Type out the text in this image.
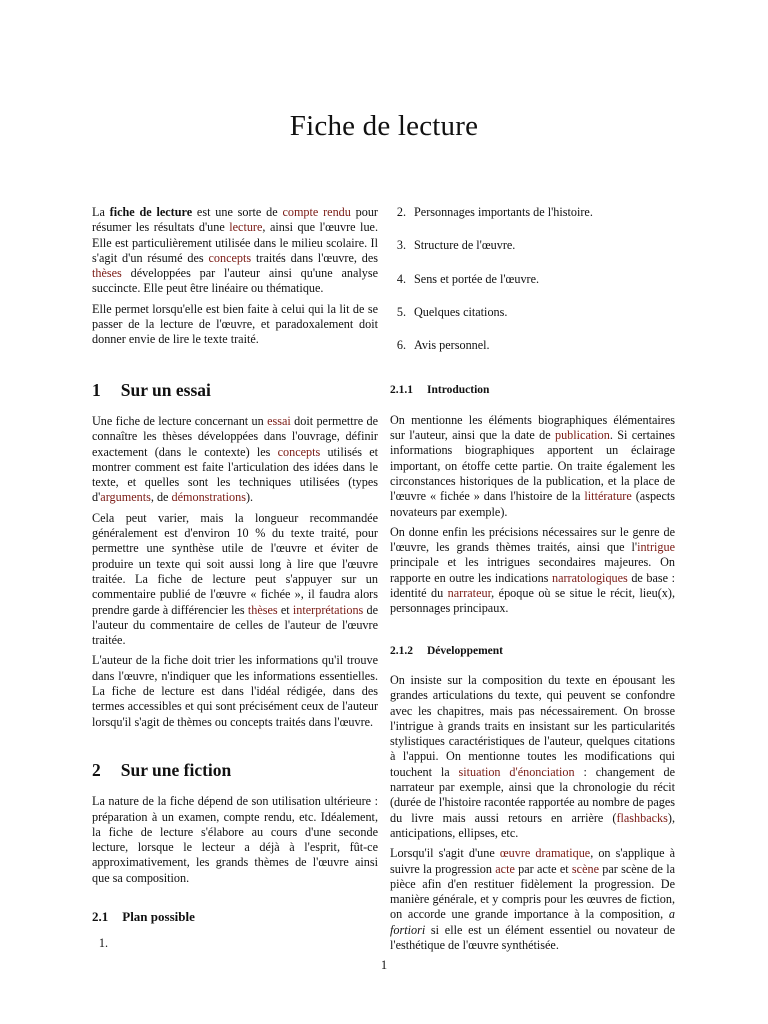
Fiche de lecture

La fiche de lecture est une sorte de compte rendu pour résumer les résultats d'une lecture, ainsi que l'œuvre lue. Elle est particulièrement utilisée dans le milieu scolaire. Il s'agit d'un résumé des concepts traités dans l'œuvre, des thèses développées par l'auteur ainsi qu'une analyse succincte. Elle peut être linéaire ou thématique.

Elle permet lorsqu'elle est bien faite à celui qui la lit de se passer de la lecture de l'œuvre, et paradoxalement doit donner envie de lire le texte traité.

1 Sur un essai

Une fiche de lecture concernant un essai doit permettre de connaître les thèses développées dans l'ouvrage, définir exactement (dans le contexte) les concepts utilisés et montrer comment est faite l'articulation des idées dans le texte, et quelles sont les techniques utilisées (types d'arguments, de démonstrations).

Cela peut varier, mais la longueur recommandée généralement est d'environ 10 % du texte traité, pour permettre une synthèse utile de l'œuvre et éviter de produire un texte qui soit aussi long à lire que l'œuvre traitée. La fiche de lecture peut s'appuyer sur un commentaire publié de l'œuvre « fichée », il faudra alors prendre garde à différencier les thèses et interprétations de l'auteur du commentaire de celles de l'auteur de l'œuvre traitée.

L'auteur de la fiche doit trier les informations qu'il trouve dans l'œuvre, n'indiquer que les informations essentielles. La fiche de lecture est dans l'idéal rédigée, dans des termes accessibles et qui sont précisément ceux de l'auteur lorsqu'il s'agit de thèmes ou concepts traités dans l'œuvre.

2 Sur une fiction

La nature de la fiche dépend de son utilisation ultérieure : préparation à un examen, compte rendu, etc. Idéalement, la fiche de lecture s'élabore au cours d'une seconde lecture, lorsque le lecteur a déjà à l'esprit, fût-ce approximativement, les grands thèmes de l'œuvre ainsi que sa composition.

2.1 Plan possible
1.
2. Personnages importants de l'histoire.
3. Structure de l'œuvre.
4. Sens et portée de l'œuvre.
5. Quelques citations.
6. Avis personnel.
2.1.1 Introduction

On mentionne les éléments biographiques élémentaires sur l'auteur, ainsi que la date de publication. Si certaines informations biographiques apportent un éclairage important, on étoffe cette partie. On traite également les circonstances historiques de la publication, et la place de l'œuvre « fichée » dans l'histoire de la littérature (aspects novateurs par exemple).

On donne enfin les précisions nécessaires sur le genre de l'œuvre, les grands thèmes traités, ainsi que l'intrigue principale et les intrigues secondaires majeures. On rapporte en outre les indications narratologiques de base : identité du narrateur, époque où se situe le récit, lieu(x), personnages principaux.

2.1.2 Développement

On insiste sur la composition du texte en épousant les grandes articulations du texte, qui peuvent se confondre avec les chapitres, mais pas nécessairement. On brosse l'intrigue à grands traits en insistant sur les particularités stylistiques caractéristiques de l'auteur, quelques citations à l'appui. On mentionne toutes les modifications qui touchent la situation d'énonciation : changement de narrateur par exemple, ainsi que la chronologie du récit (durée de l'histoire racontée rapportée au nombre de pages du livre mais aussi retours en arrière (flashbacks), anticipations, ellipses, etc.

Lorsqu'il s'agit d'une œuvre dramatique, on s'applique à suivre la progression acte par acte et scène par scène de la pièce afin d'en restituer fidèlement la progression. De manière générale, et y compris pour les œuvres de fiction, on accorde une grande importance à la composition, a fortiori si elle est un élément essentiel ou novateur de l'esthétique de l'œuvre synthétisée.

1
